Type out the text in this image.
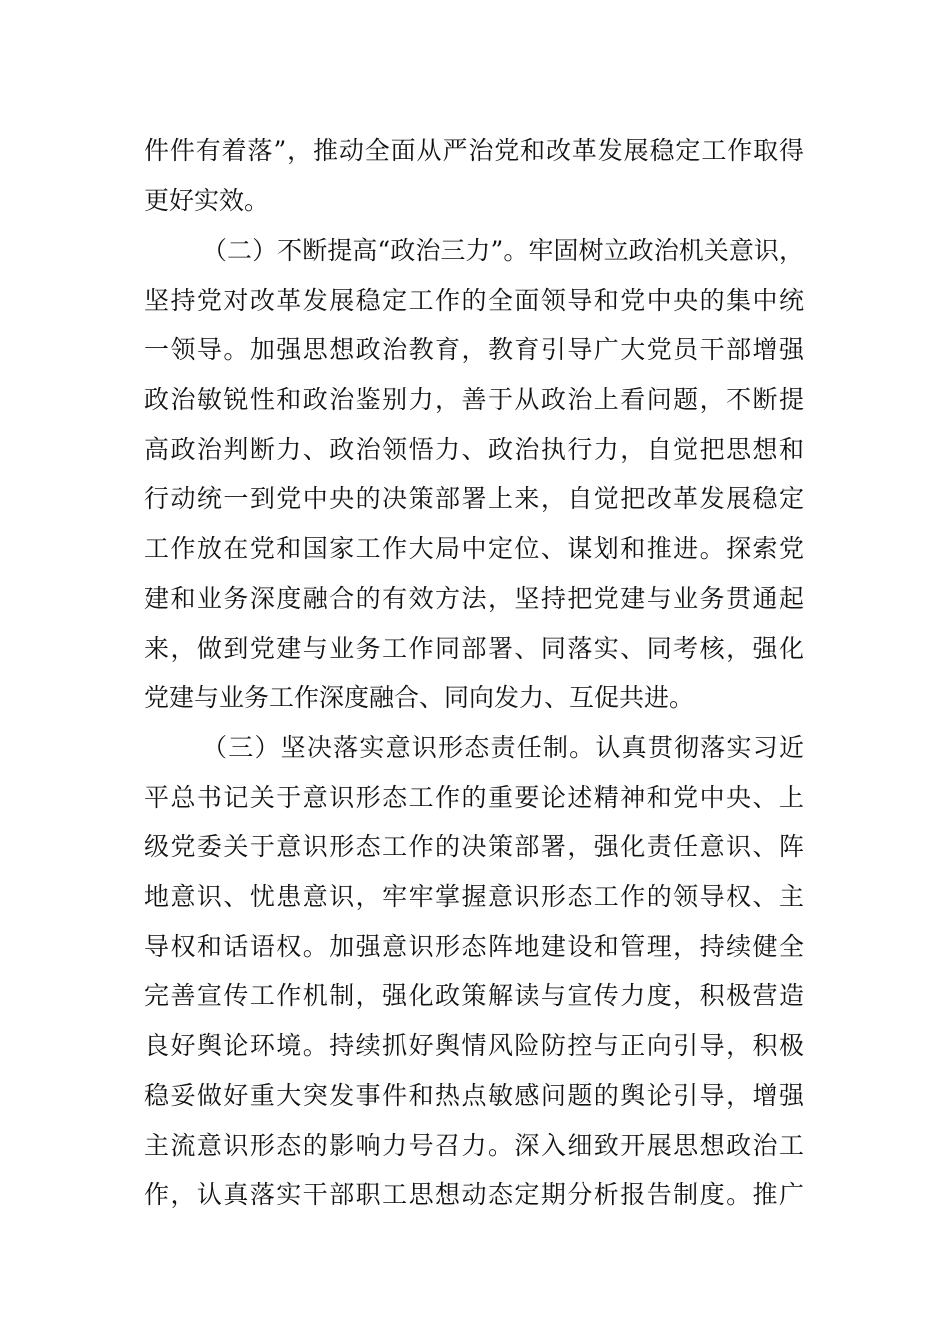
件件有着落”，推动全面从严治党和改革发展稳定工作取得
更好实效。
（二）不断提高“政治三力”。牢固树立政治机关意识，
坚持党对改革发展稳定工作的全面领导和党中央的集中统
一领导。加强思想政治教育，教育引导广大党员干部增强
政治敏锐性和政治鉴别力，善于从政治上看问题，不断提
高政治判断力、政治领悟力、政治执行力，自觉把思想和
行动统一到党中央的决策部署上来，自觉把改革发展稳定
工作放在党和国家工作大局中定位、谋划和推进。探索党
建和业务深度融合的有效方法，坚持把党建与业务贯通起
来，做到党建与业务工作同部署、同落实、同考核，强化
党建与业务工作深度融合、同向发力、互促共进。
（三）坚决落实意识形态责任制。认真贯彻落实习近
平总书记关于意识形态工作的重要论述精神和党中央、上
级党委关于意识形态工作的决策部署，强化责任意识、阵
地意识、忧患意识，牢牢掌握意识形态工作的领导权、主
导权和话语权。加强意识形态阵地建设和管理，持续健全
完善宣传工作机制，强化政策解读与宣传力度，积极营造
良好舆论环境。持续抓好舆情风险防控与正向引导，积极
稳妥做好重大突发事件和热点敏感问题的舆论引导，增强
主流意识形态的影响力号召力。深入细致开展思想政治工
作，认真落实干部职工思想动态定期分析报告制度。推广
